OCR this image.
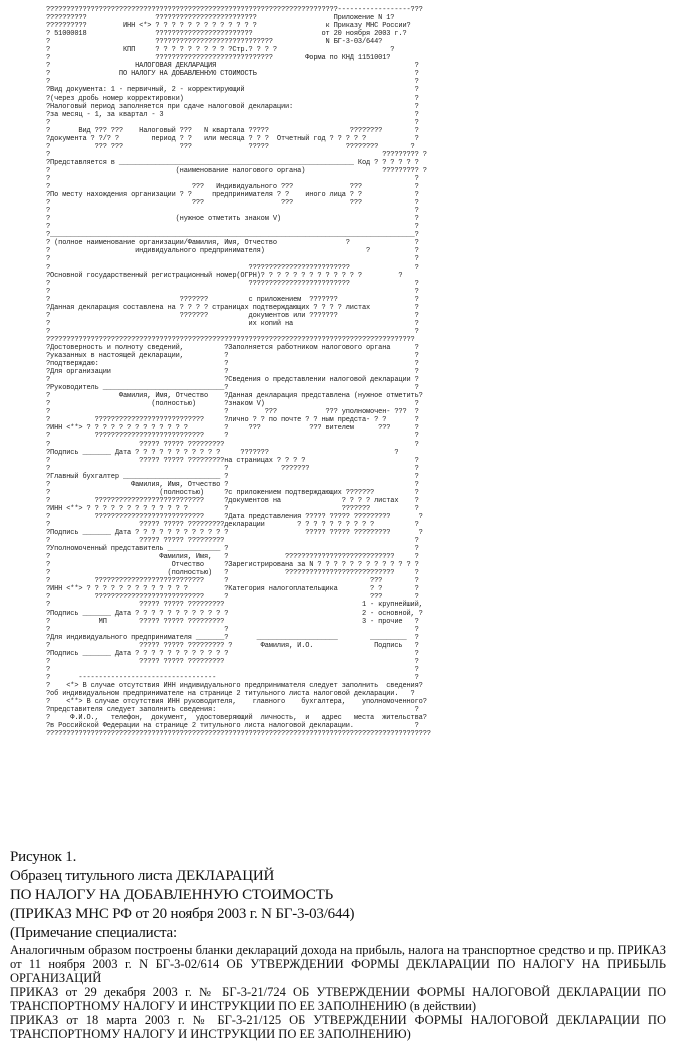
????????????????????????????????????????????????????????????????????????------------------???
??????????                 ?????????????????????????                   Приложение N 1?
??????????         ИНН <*> ? ? ? ? ? ? ? ? ? ? ? ? ?                 к Приказу МНС России?
? 51000018                 ????????????????????????                 от 20 ноября 2003 г.?
?                          ?????????????????????????????             N БГ-3-03/644?
?                  КПП     ? ? ? ? ? ? ? ? ? ?Стр.? ? ? ?                            ?
?                          ?????????????????????????????        Форма по КНД 1151001?
?                     НАЛОГОВАЯ ДЕКЛАРАЦИЯ                                                 ?
?                 ПО НАЛОГУ НА ДОБАВЛЕННУЮ СТОИМОСТЬ                                       ?
?                                                                                          ?
?Вид документа: 1 - первичный, 2 - корректирующий                                          ?
?(через дробь номер корректировки)                                                         ?
?Налоговый период заполняется при сдаче налоговой декларации:                              ?
?за месяц - 1, за квартал - 3                                                              ?
?                                                                                          ?
?       Вид ??? ???    Налоговый ???   N квартала ?????                    ????????        ?
?документа ? ?/? ?        период ? ?   или месяца ? ? ?  Отчетный год ? ? ? ? ?            ?
?           ??? ???              ???              ?????                   ????????        ?
?                                                                                  ????????? ?
?Представляется в __________________________________________________________ Код ? ? ? ? ? ?
?                               (наименование налогового органа)                   ????????? ?
?                                                                                          ?
?                                   ???   Индивидуального ???              ???             ?
?По месту нахождения организации ? ?     предпринимателя ? ?    иного лица ? ?             ?
?                                   ???                   ???              ???             ?
?                                                                                          ?
?                               (нужное отметить знаком V)                                 ?
?                                                                                          ?
?__________________________________________________________________________________________?
? (полное наименование организации/Фамилия, Имя, Отчество                 ?                ?
?                     индивидуального предпринимателя)                         ?           ?
?                                                                                          ?
?                                                 ?????????????????????????                ?
?Основной государственный регистрационный номер(ОГРН)? ? ? ? ? ? ? ? ? ? ? ? ?         ?
?                                                 ?????????????????????????                ?
?                                                                                          ?
?                                ???????          с приложением  ???????                   ?
?Данная декларация составлена на ? ? ? ? страницах подтверждающих ? ? ? ? листах           ?
?                                ???????          документов или ???????                   ?
?                                                 их копий на                              ?
?                                                                                          ?
???????????????????????????????????????????????????????????????????????????????????????????
?Достоверность и полноту сведений,          ?Заполняется работником налогового органа      ?
?указанных в настоящей декларации,          ?                                              ?
?подтверждаю:                               ?                                              ?
?Для организации                            ?                                              ?
?                                           ?Сведения о представлении налоговой декларации ?
?Руководитель ______________________________?                                              ?
?                 Фамилия, Имя, Отчество    ?Данная декларация представлена (нужное отметить?
?                         (полностью)       ?знаком V)                                     ?
?                                           ?         ???            ??? уполномочен- ???  ?
?           ???????????????????????????     ?лично ? ? по почте ? ? ным предста- ? ?       ?
?ИНН <**> ? ? ? ? ? ? ? ? ? ? ? ? ?         ?     ???            ??? вителем      ???      ?
?           ???????????????????????????     ?                                              ?
?                      ????? ????? ?????????                                               ?
?Подпись _______ Дата ? ? ? ? ? ? ? ? ? ? ?     ???????                               ?
?                      ????? ????? ?????????на страницах ? ? ? ?                           ?
?                                           ?             ???????                          ?
?Главный бухгалтер ________________________ ?                                              ?
?                    Фамилия, Имя, Отчество ?                                              ?
?                           (полностью)     ?с приложением подтверждающих ???????          ?
?           ???????????????????????????     ?документов на               ? ? ? ? листах    ?
?ИНН <**> ? ? ? ? ? ? ? ? ? ? ? ? ?         ?                            ???????           ?
?           ???????????????????????????     ?Дата представления ????? ????? ?????????       ?
?                      ????? ????? ?????????декларации        ? ? ? ? ? ? ? ? ? ?          ?
?Подпись _______ Дата ? ? ? ? ? ? ? ? ? ? ? ?                   ????? ????? ?????????       ?
?                      ????? ????? ?????????                                               ?
?Уполномоченный представитель _____________ ?                                              ?
?                           Фамилия, Имя,   ?              ???????????????????????????     ?
?                              Отчество     ?Зарегистрирована за N ? ? ? ? ? ? ? ? ? ? ? ? ?
?                             (полностью)   ?              ???????????????????????????     ?
?           ???????????????????????????     ?                                   ???        ?
?ИНН <**> ? ? ? ? ? ? ? ? ? ? ? ? ?         ?Категория налогоплательщика        ? ?        ?
?           ???????????????????????????     ?                                   ???        ?
?                      ????? ????? ?????????                                  1 - крупнейший,
?Подпись _______ Дата ? ? ? ? ? ? ? ? ? ? ? ?                                 2 - основной, ?
?            МП        ????? ????? ?????????                                  3 - прочие   ?
?                                           ?                                              ?
?Для индивидуального предпринимателя _______?       ____________________        _________  ?
?                      ????? ????? ????????? ?       Фамилия, И.О.               Подпись   ?
?Подпись _______ Дата ? ? ? ? ? ? ? ? ? ? ? ?                                              ?
?                      ????? ????? ?????????                                               ?
?                                                                                          ?
?       ----------------------------------                                                 ?
?    <*> В случае отсутствия ИНН индивидуального предпринимателя следует заполнить  сведения?
?об индивидуальном предпринимателе на странице 2 титульного листа налоговой декларации.   ?
?    <**> В случае отсутствия ИНН руководителя,    главного    бухгалтера,    уполномоченного?
?представителя следует заполнить сведения:                                                 ?
?     Ф.И.О.,   телефон,  документ,  удостоверяющий  личность,  и   адрес   места  жительства?
?в Российской Федерации на странице 2 титульного листа налоговой декларации.               ?
???????????????????????????????????????????????????????????????????????????????????????????????
Рисунок 1.
Образец титульного листа ДЕКЛАРАЦИЙ
ПО НАЛОГУ НА ДОБАВЛЕННУЮ СТОИМОСТЬ
(ПРИКАЗ МНС РФ от 20 ноября 2003 г. N БГ-3-03/644)
(Примечание специалиста:
Аналогичным образом построены бланки деклараций дохода на прибыль, налога на транспортное средство и пр. ПРИКАЗ от 11 ноября 2003 г. N БГ-3-02/614 ОБ УТВЕРЖДЕНИИ ФОРМЫ ДЕКЛАРАЦИИ ПО НАЛОГУ НА ПРИБЫЛЬ ОРГАНИЗАЦИЙ
ПРИКАЗ от 29 декабря 2003 г. № БГ-3-21/724 ОБ УТВЕРЖДЕНИИ ФОРМЫ НАЛОГОВОЙ ДЕКЛАРАЦИИ ПО ТРАНСПОРТНОМУ НАЛОГУ И ИНСТРУКЦИИ ПО ЕЕ ЗАПОЛНЕНИЮ (в действии)
ПРИКАЗ от 18 марта 2003 г. № БГ-3-21/125 ОБ УТВЕРЖДЕНИИ ФОРМЫ НАЛОГОВОЙ ДЕКЛАРАЦИИ ПО ТРАНСПОРТНОМУ НАЛОГУ И ИНСТРУКЦИИ ПО ЕЕ ЗАПОЛНЕНИЮ)
